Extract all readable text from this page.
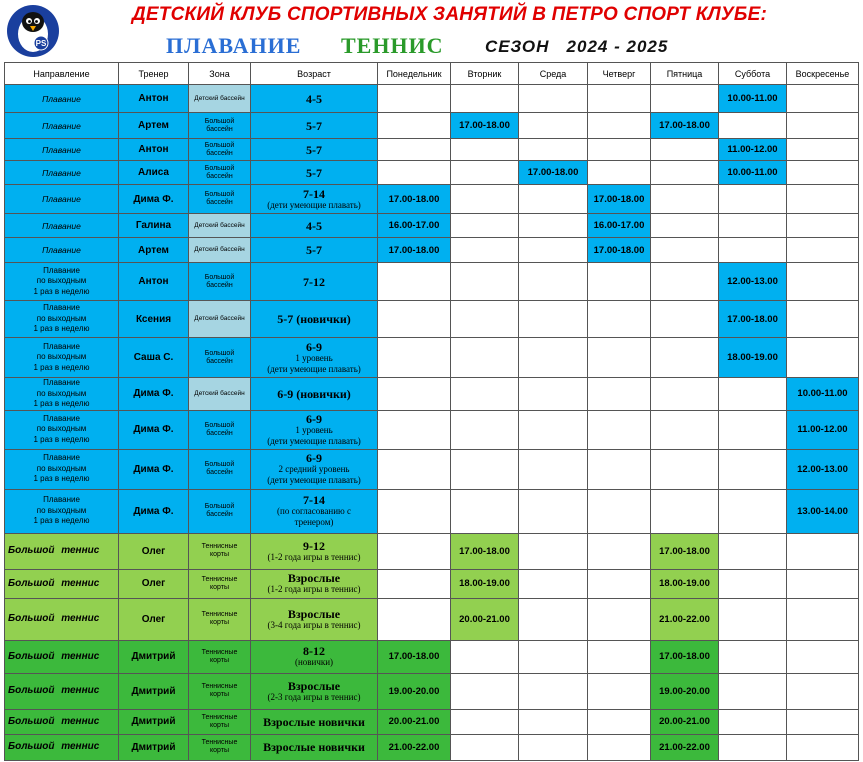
PS
ДЕТСКИЙ КЛУБ СПОРТИВНЫХ ЗАНЯТИЙ В ПЕТРО СПОРТ КЛУБЕ:
ПЛАВАНИЕ ТЕННИС СЕЗОН   2024 - 2025
Направление	Тренер	Зона	Возраст	Понедельник	Вторник	Среда	Четверг	Пятница	Суббота	Воскресенье

Плавание	Антон	Детский бассейн	4-5						10.00-11.00	

Плавание	Артем	Большой
бассейн	5-7		17.00-18.00			17.00-18.00		

Плавание	Антон	Большой
бассейн	5-7						11.00-12.00	

Плавание	Алиса	Большой
бассейн	5-7			17.00-18.00			10.00-11.00	

Плавание	Дима Ф.	Большой
бассейн	7-14
(дети умеющие плавать)	17.00-18.00			17.00-18.00			

Плавание	Галина	Детский бассейн	4-5	16.00-17.00			16.00-17.00			

Плавание	Артем	Детский бассейн	5-7	17.00-18.00			17.00-18.00			

Плавание
по выходным
1 раз в неделю	Антон	Большой
бассейн	7-12						12.00-13.00	

Плавание
по выходным
1 раз в неделю	Ксения	Детский бассейн	5-7 (новички)						17.00-18.00	

Плавание
по выходным
1 раз в неделю	Саша С.	Большой
бассейн	6-9
1 уровень
(дети умеющие плавать)						18.00-19.00	

Плавание
по выходным
1 раз в неделю	Дима Ф.	Детский бассейн	6-9 (новички)							10.00-11.00

Плавание
по выходным
1 раз в неделю	Дима Ф.	Большой
бассейн	6-9
1 уровень
(дети умеющие плавать)							11.00-12.00

Плавание
по выходным
1 раз в неделю	Дима Ф.	Большой
бассейн	6-9
2 средний уровень
(дети умеющие плавать)							12.00-13.00

Плавание
по выходным
1 раз в неделю	Дима Ф.	Большой
бассейн	7-14
(по согласованию с
тренером)							13.00-14.00

Большой теннис	Олег	Теннисные
корты	9-12
(1-2 года игры в теннис)		17.00-18.00			17.00-18.00		

Большой теннис	Олег	Теннисные
корты	Взрослые
(1-2 года игры в теннис)		18.00-19.00			18.00-19.00		

Большой теннис	Олег	Теннисные
корты	Взрослые
(3-4 года игры в теннис)		20.00-21.00			21.00-22.00		

Большой теннис	Дмитрий	Теннисные
корты	8-12
(новички)	17.00-18.00				17.00-18.00		

Большой теннис	Дмитрий	Теннисные
корты	Взрослые
(2-3 года игры в теннис)	19.00-20.00				19.00-20.00		

Большой теннис	Дмитрий	Теннисные
корты	Взрослые новички	20.00-21.00				20.00-21.00		

Большой теннис	Дмитрий	Теннисные
корты	Взрослые новички	21.00-22.00				21.00-22.00		
